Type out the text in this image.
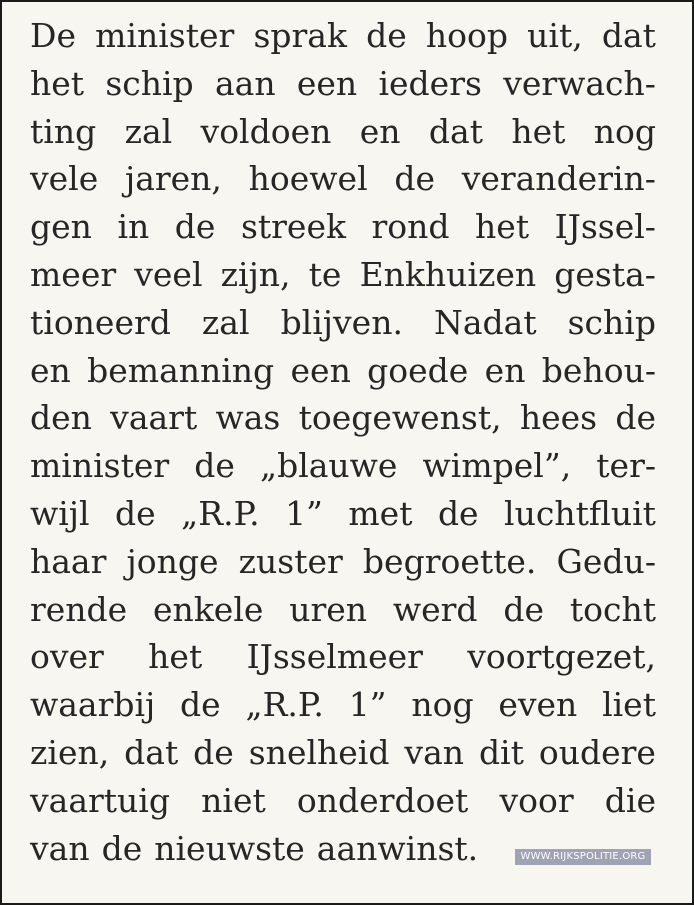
De minister sprak de hoop uit, dat
het schip aan een ieders verwach-
ting zal voldoen en dat het nog
vele jaren, hoewel de veranderin-
gen in de streek rond het IJssel-
meer veel zijn, te Enkhuizen gesta-
tioneerd zal blijven. Nadat schip
en bemanning een goede en behou-
den vaart was toegewenst, hees de
minister de „blauwe wimpel”, ter-
wijl de „R.P. 1” met de luchtfluit
haar jonge zuster begroette. Gedu-
rende enkele uren werd de tocht
over het IJsselmeer voortgezet,
waarbij de „R.P. 1” nog even liet
zien, dat de snelheid van dit oudere
vaartuig niet onderdoet voor die
van de nieuwste aanwinst.	WWW.RIJKSPOLITIE.ORG
